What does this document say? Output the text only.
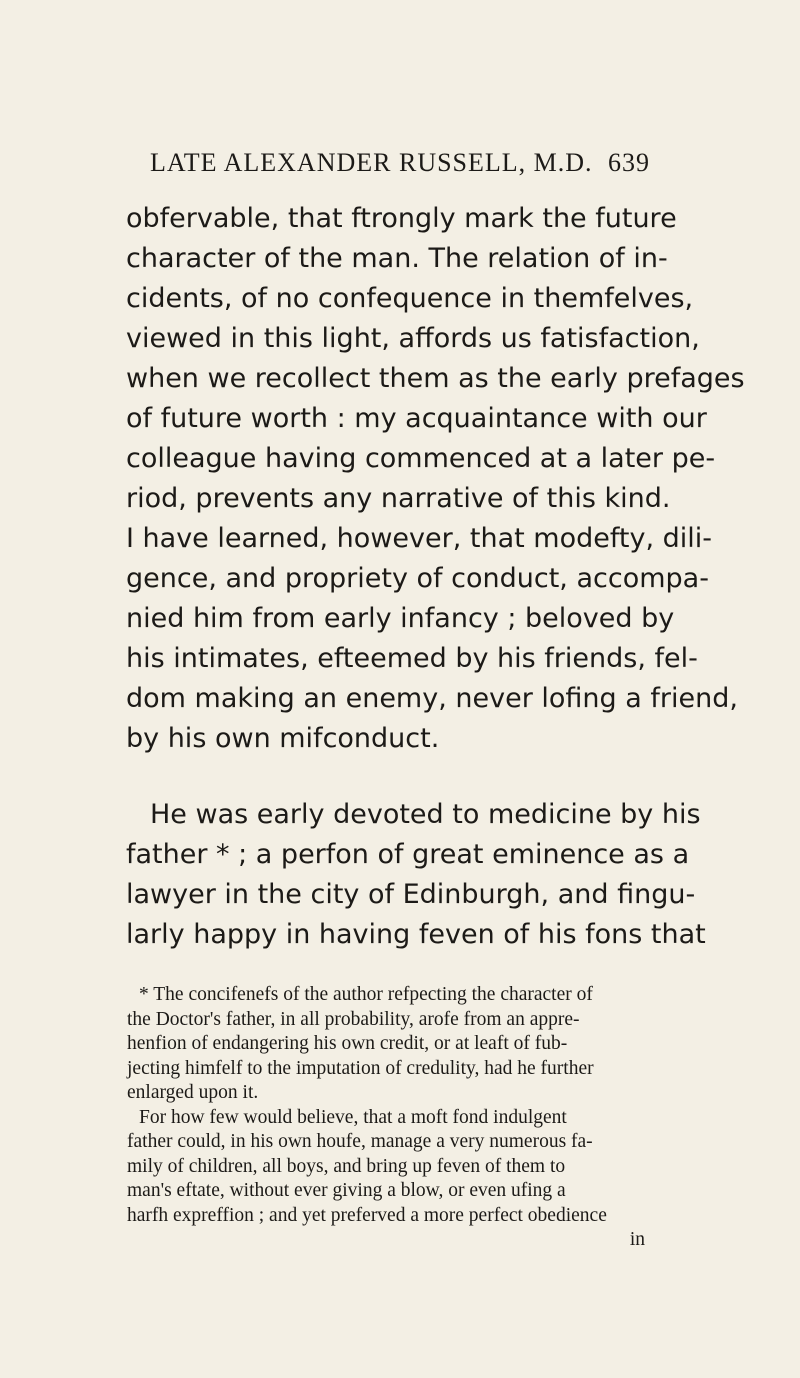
LATE ALEXANDER RUSSELL, M.D. 639
obfervable, that ftrongly mark the future
character of the man. The relation of in-
cidents, of no confequence in themfelves,
viewed in this light, affords us fatisfaction,
when we recollect them as the early prefages
of future worth : my acquaintance with our
colleague having commenced at a later pe-
riod, prevents any narrative of this kind.
I have learned, however, that modefty, dili-
gence, and propriety of conduct, accompa-
nied him from early infancy ; beloved by
his intimates, efteemed by his friends, fel-
dom making an enemy, never lofing a friend,
by his own mifconduct.
He was early devoted to medicine by his
father * ; a perfon of great eminence as a
lawyer in the city of Edinburgh, and fingu-
larly happy in having feven of his fons that
* The concifenefs of the author refpecting the character of
the Doctor's father, in all probability, arofe from an appre-
henfion of endangering his own credit, or at leaft of fub-
jecting himfelf to the imputation of credulity, had he further
enlarged upon it.
For how few would believe, that a moft fond indulgent
father could, in his own houfe, manage a very numerous fa-
mily of children, all boys, and bring up feven of them to
man's eftate, without ever giving a blow, or even ufing a
harfh expreffion ; and yet preferved a more perfect obedience
in
